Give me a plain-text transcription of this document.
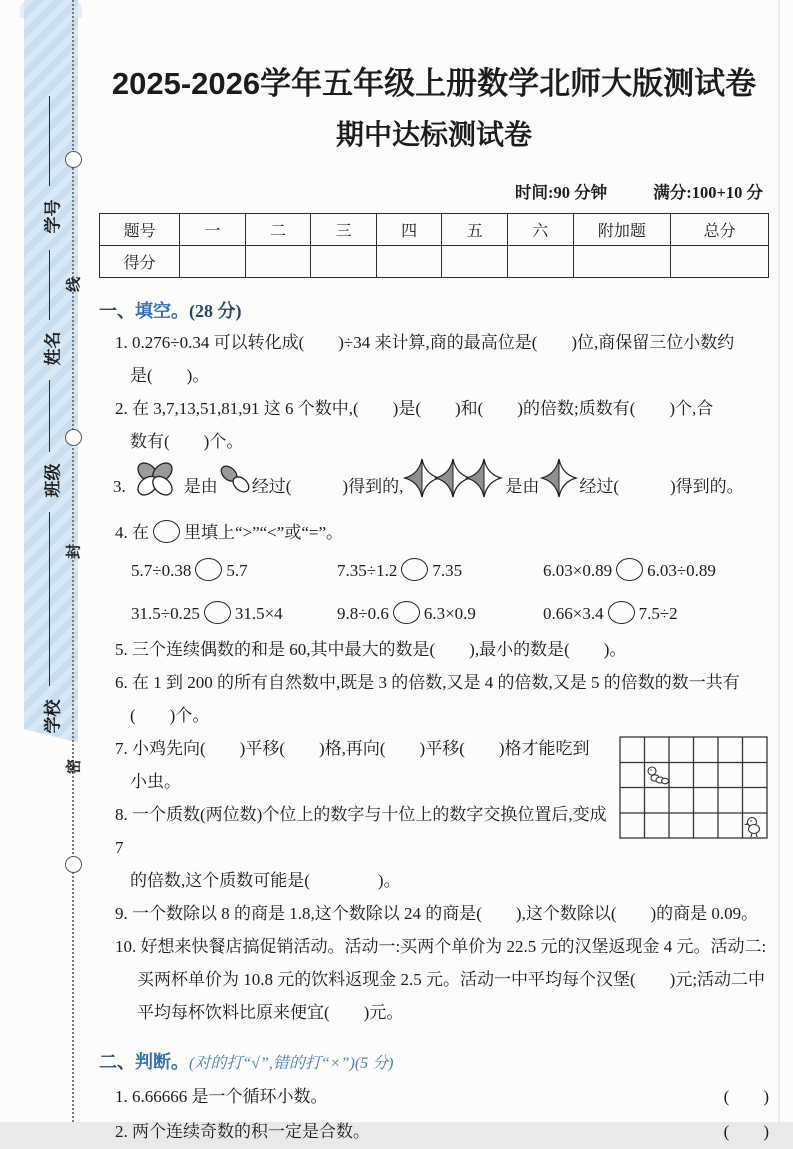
学号
姓名
班级
学校
线
封
密
2025-2026学年五年级上册数学北师大版测试卷
期中达标测试卷
时间:90 分钟	满分:100+10 分
题号	一	二	三	四	五	六	附加题	总分
得分								
一、填空。(28 分)
1. 0.276÷0.34 可以转化成(　　)÷34 来计算,商的最高位是(　　)位,商保留三位小数约
是(　　)。
2. 在 3,7,13,51,81,91 这 6 个数中,(　　)是(　　)和(　　)的倍数;质数有(　　)个,合
数有(　　)个。
3.	是由 经过(　　　)得到的,	是由 经过(　　　)得到的。
4. 在 里填上“>”“<”或“=”。
5.7÷0.38 5.7	7.35÷1.2 7.35	6.03×0.89 6.03÷0.89
31.5÷0.25 31.5×4	9.8÷0.6 6.3×0.9	0.66×3.4 7.5÷2
5. 三个连续偶数的和是 60,其中最大的数是(　　),最小的数是(　　)。
6. 在 1 到 200 的所有自然数中,既是 3 的倍数,又是 4 的倍数,又是 5 的倍数的数一共有
(　　)个。
7. 小鸡先向(　　)平移(　　)格,再向(　　)平移(　　)格才能吃到
小虫。
8. 一个质数(两位数)个位上的数字与十位上的数字交换位置后,变成 7
的倍数,这个质数可能是(　　　　)。
9. 一个数除以 8 的商是 1.8,这个数除以 24 的商是(　　),这个数除以(　　)的商是 0.09。
10. 好想来快餐店搞促销活动。活动一:买两个单价为 22.5 元的汉堡返现金 4 元。活动二:
买两杯单价为 10.8 元的饮料返现金 2.5 元。活动一中平均每个汉堡(　　)元;活动二中
平均每杯饮料比原来便宜(　　)元。
二、判断。(对的打“√”,错的打“×”)(5 分)
1. 6.66666 是一个循环小数。	(　　)
2. 两个连续奇数的积一定是合数。	(　　)
